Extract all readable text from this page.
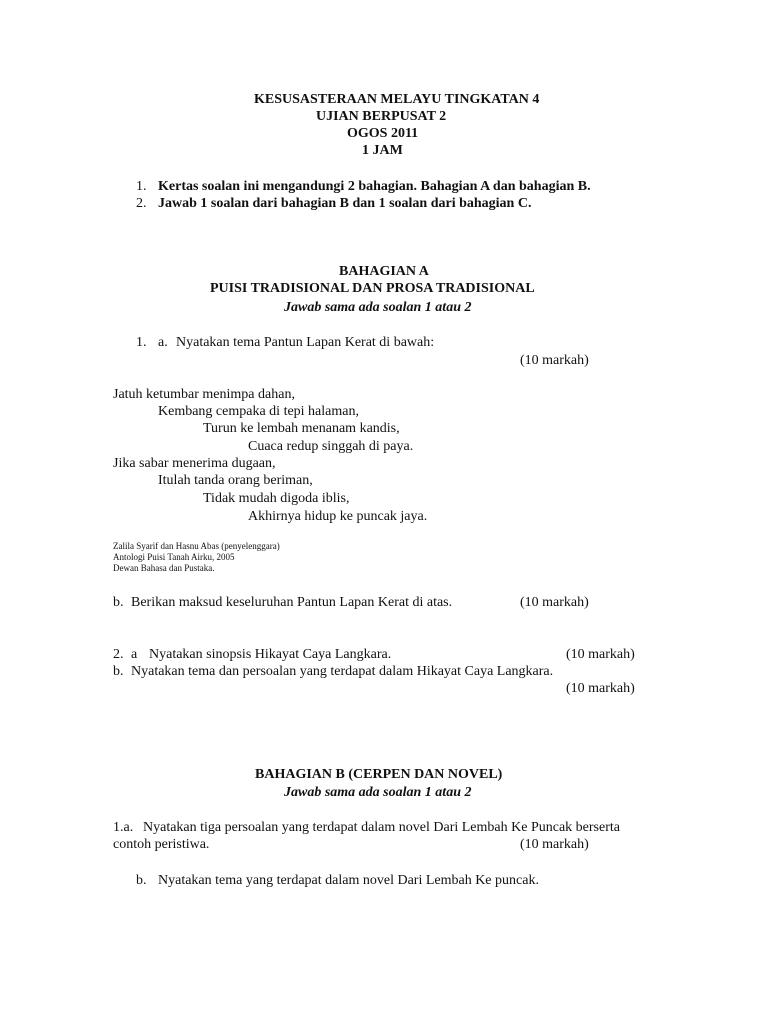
KESUSASTERAAN MELAYU TINGKATAN 4
UJIAN BERPUSAT 2
OGOS 2011
1 JAM
1. Kertas soalan ini mengandungi 2 bahagian. Bahagian A dan bahagian B.
2. Jawab 1 soalan dari bahagian B dan 1 soalan dari bahagian C.
BAHAGIAN A
PUISI TRADISIONAL DAN PROSA TRADISIONAL
Jawab sama ada soalan 1 atau 2
1. a. Nyatakan tema Pantun Lapan Kerat di bawah:
(10 markah)
Jatuh ketumbar menimpa dahan,
Kembang cempaka di tepi halaman,
Turun ke lembah menanam kandis,
Cuaca redup singgah di paya.
Jika sabar menerima dugaan,
Itulah tanda orang beriman,
Tidak mudah digoda iblis,
Akhirnya hidup ke puncak jaya.
Zalila Syarif dan Hasnu Abas (penyelenggara)
Antologi Puisi Tanah Airku, 2005
Dewan Bahasa dan Pustaka.
b. Berikan maksud keseluruhan Pantun Lapan Kerat di atas.	(10 markah)
2. a Nyatakan sinopsis Hikayat Caya Langkara.	(10 markah)
b. Nyatakan tema dan persoalan yang terdapat dalam Hikayat Caya Langkara.
(10 markah)
BAHAGIAN B (CERPEN DAN NOVEL)
Jawab sama ada soalan 1 atau 2
1.a. Nyatakan tiga persoalan yang terdapat dalam novel Dari Lembah Ke Puncak berserta
contoh peristiwa.	(10 markah)
b. Nyatakan tema yang terdapat dalam novel Dari Lembah Ke puncak.
